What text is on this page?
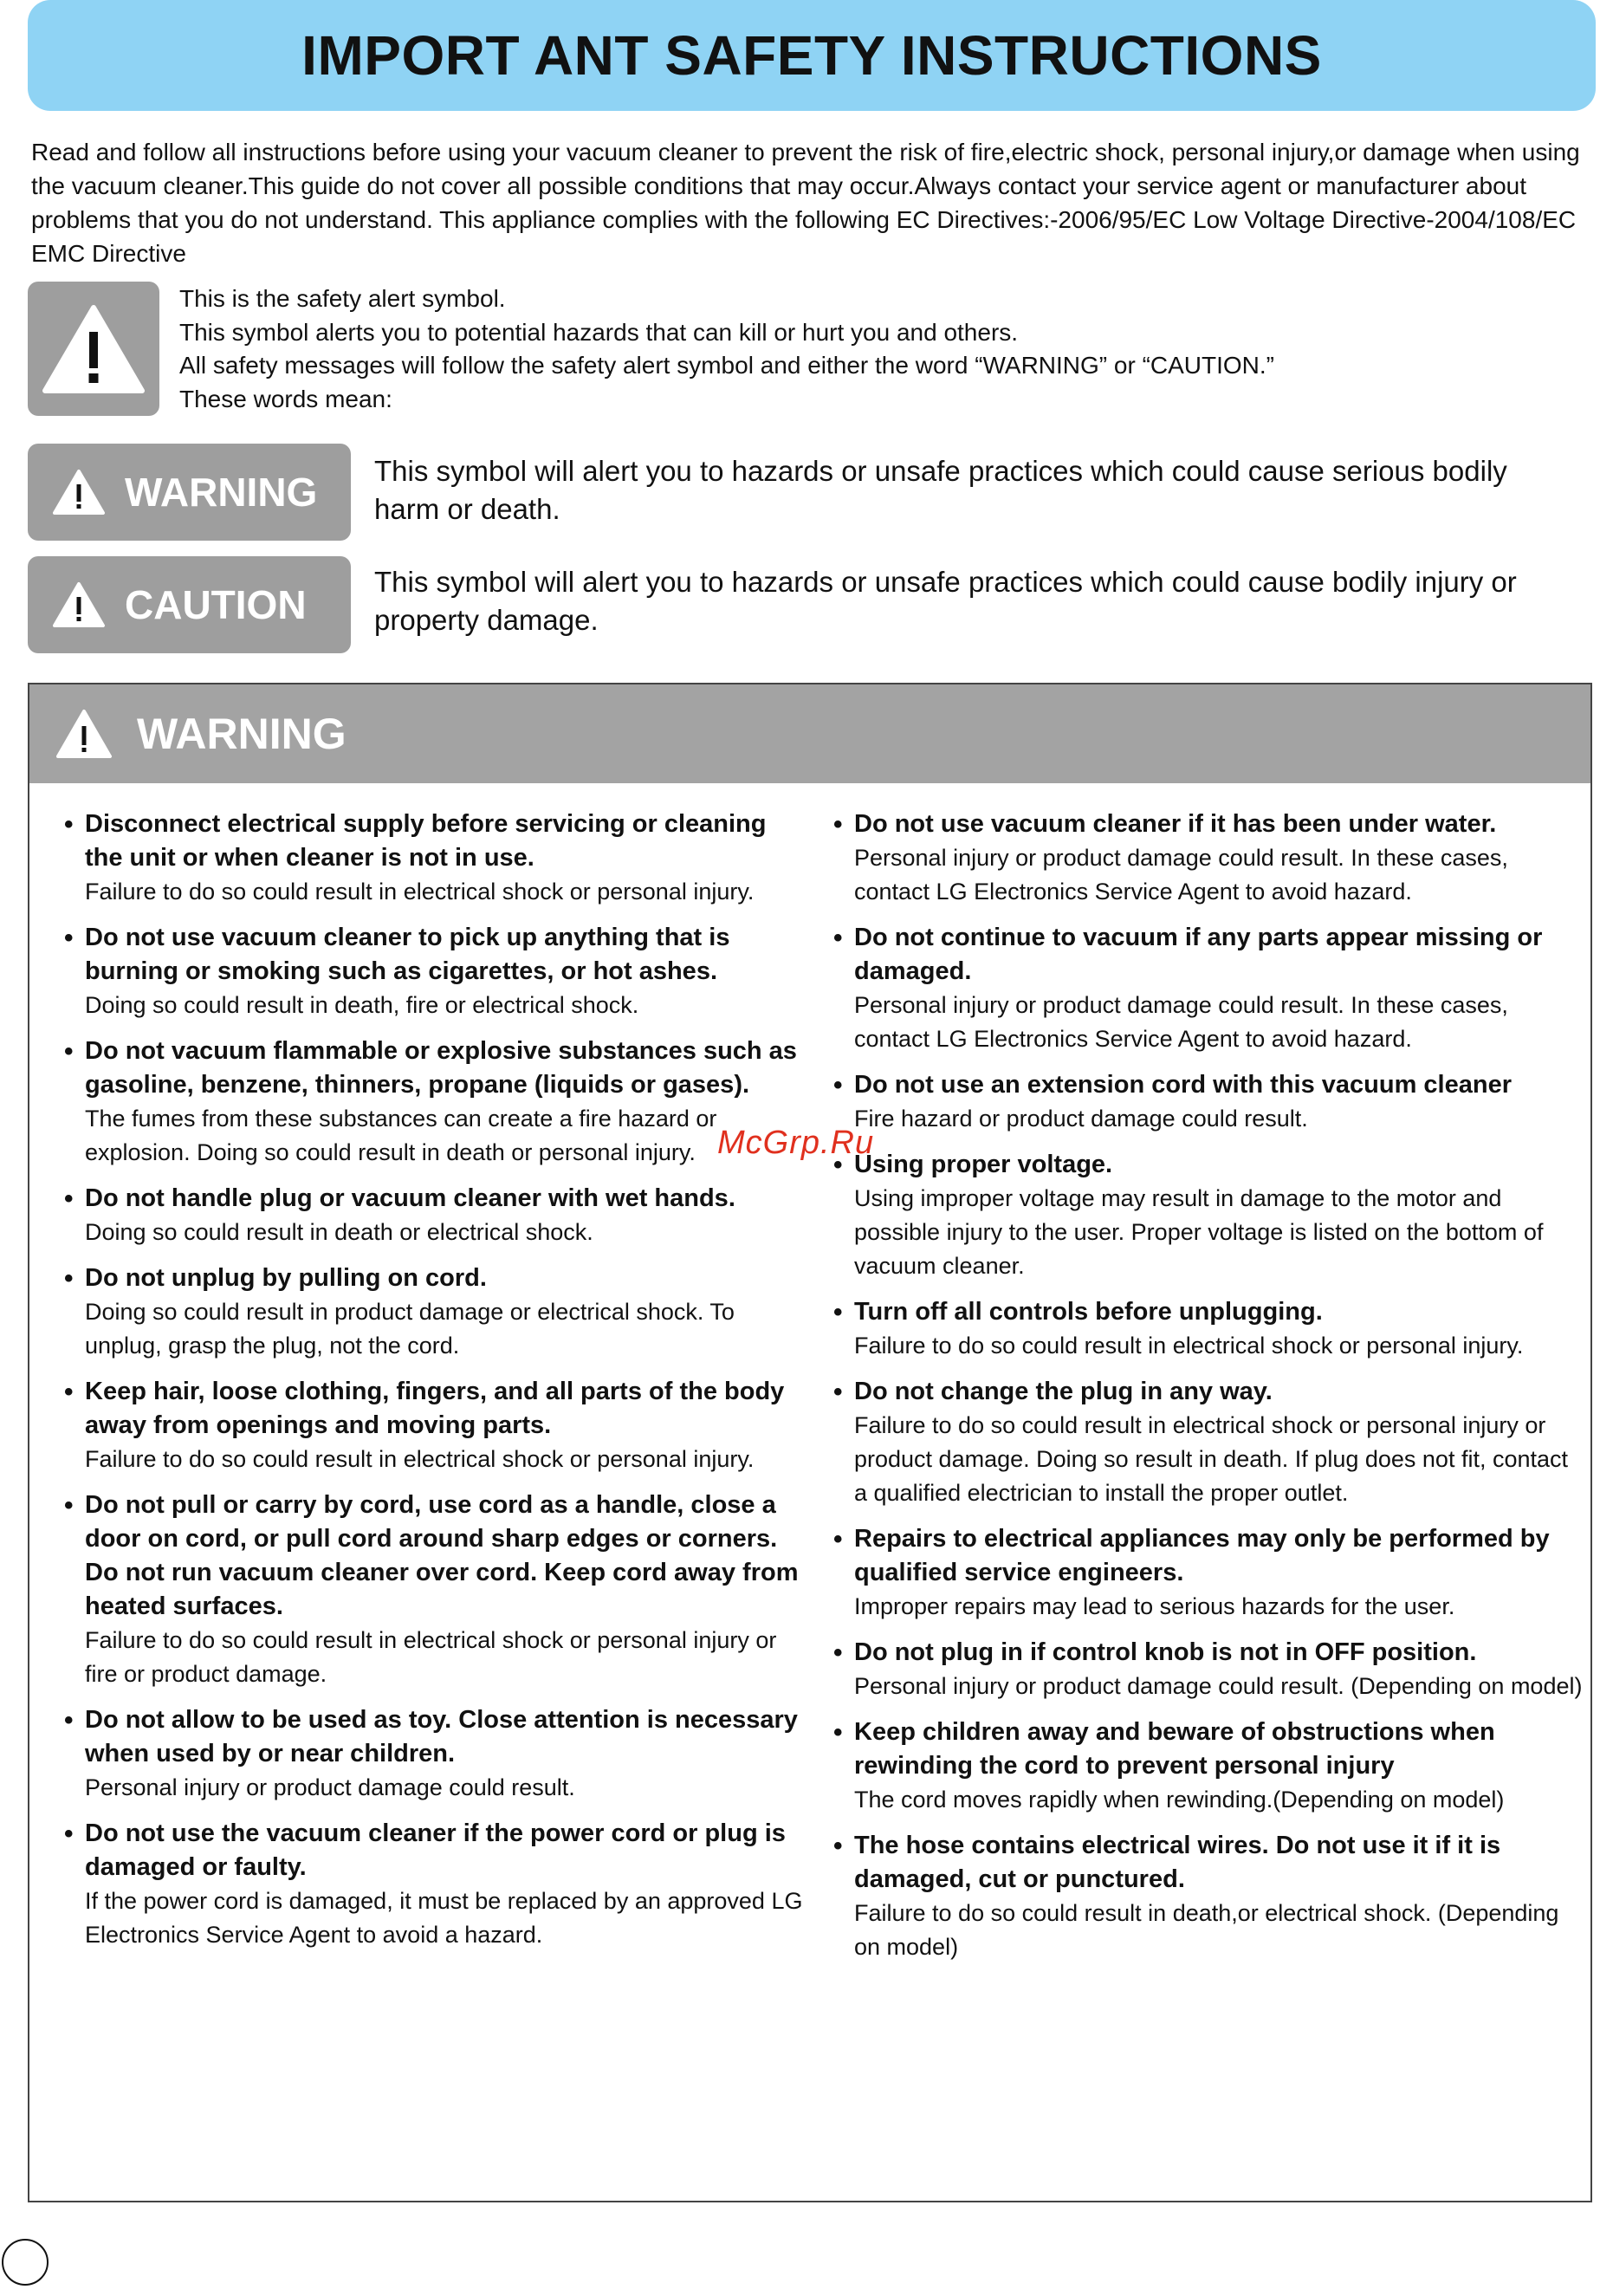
IMPORT ANT SAFETY INSTRUCTIONS
Read and follow all instructions before using your vacuum cleaner to prevent the risk of fire,electric shock, personal injury,or damage when using the vacuum cleaner.This guide do not cover all possible conditions that may occur.Always contact your service agent or manufacturer about problems that you do not understand. This appliance complies with the following EC Directives:-2006/95/EC Low Voltage Directive-2004/108/EC EMC Directive
This is the safety alert symbol.
This symbol alerts you to potential hazards that can kill or hurt you and others.
All safety messages will follow the safety alert symbol and either the word “WARNING” or “CAUTION.”
These words mean:
WARNING This symbol will alert you to hazards or unsafe practices which could cause serious bodily harm or death.
CAUTION
This symbol will alert you to hazards or unsafe practices which could cause bodily injury or property damage.
WARNING
• Disconnect electrical supply before servicing or cleaning the unit or when cleaner is not in use.
Failure to do so could result in electrical shock or personal injury.
• Do not use vacuum cleaner to pick up anything that is burning or smoking such as cigarettes, or hot ashes.
Doing so could result in death, fire or electrical shock.
• Do not vacuum flammable or explosive substances such as gasoline, benzene, thinners, propane (liquids or gases).
The fumes from these substances can create a fire hazard or explosion. Doing so could result in death or personal injury.
• Do not handle plug or vacuum cleaner with wet hands.
Doing so could result in death or electrical shock.
• Do not unplug by pulling on cord.
Doing so could result in product damage or electrical shock. To unplug, grasp the plug, not the cord.
• Keep hair, loose clothing, fingers, and all parts of the body away from openings and moving parts.
Failure to do so could result in electrical shock or personal injury.
• Do not pull or carry by cord, use cord as a handle, close a door on cord, or pull cord around sharp edges or corners. Do not run vacuum cleaner over cord. Keep cord away from heated surfaces.
Failure to do so could result in electrical shock or personal injury or fire or product damage.
• Do not allow to be used as toy. Close attention is necessary when used by or near children.
Personal injury or product damage could result.
• Do not use the vacuum cleaner if the power cord or plug is damaged or faulty.
If the power cord is damaged, it must be replaced by an approved LG Electronics Service Agent to avoid a hazard.
• Do not use vacuum cleaner if it has been under water.
Personal injury or product damage could result. In these cases, contact LG Electronics Service Agent to avoid hazard.
• Do not continue to vacuum if any parts appear missing or damaged.
Personal injury or product damage could result. In these cases, contact LG Electronics Service Agent to avoid hazard.
• Do not use an extension cord with this vacuum cleaner
Fire hazard or product damage could result.
• Using proper voltage.
Using improper voltage may result in damage to the motor and possible injury to the user. Proper voltage is listed on the bottom of vacuum cleaner.
• Turn off all controls before unplugging.
Failure to do so could result in electrical shock or personal injury.
• Do not change the plug in any way.
Failure to do so could result in electrical shock or personal injury or product damage. Doing so result in death. If plug does not fit, contact a qualified electrician to install the proper outlet.
• Repairs to electrical appliances may only be performed by qualified service engineers.
Improper repairs may lead to serious hazards for the user.
• Do not plug in if control knob is not in OFF position.
Personal injury or product damage could result. (Depending on model)
• Keep children away and beware of obstructions when rewinding the cord to prevent personal injury
The cord moves rapidly when rewinding.(Depending on model)
• The hose contains electrical wires. Do not use it if it is damaged, cut or punctured.
Failure to do so could result in death,or electrical shock. (Depending on model)
McGrp.Ru
